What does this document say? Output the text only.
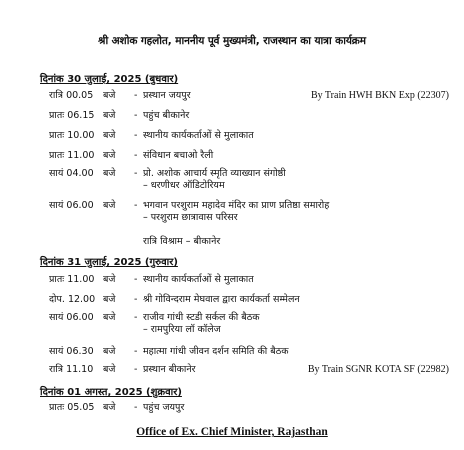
श्री अशोक गहलोत, माननीय पूर्व मुख्यमंत्री, राजस्थान का यात्रा कार्यक्रम
दिनांक 30 जुलाई, 2025 (बुधवार)
रात्रि 00.05 बजे - प्रस्थान जयपुर	By Train HWH BKN Exp (22307)
प्रातः 06.15 बजे - पहुंच बीकानेर
प्रातः 10.00 बजे - स्थानीय कार्यकर्ताओं से मुलाकात
प्रातः 11.00 बजे - संविधान बचाओ रैली
सायं 04.00 बजे - प्रो. अशोक आचार्य स्मृति व्याख्यान संगोष्ठी
– धरणीधर ऑडिटोरियम
सायं 06.00 बजे - भगवान परशुराम महादेव मंदिर का प्राण प्रतिष्ठा समारोह
– परशुराम छात्रावास परिसर
रात्रि विश्राम – बीकानेर
दिनांक 31 जुलाई, 2025 (गुरुवार)
प्रातः 11.00 बजे - स्थानीय कार्यकर्ताओं से मुलाकात
दोप. 12.00 बजे - श्री गोविन्दराम मेघवाल द्वारा कार्यकर्ता सम्मेलन
सायं 06.00 बजे - राजीव गांधी स्टडी सर्कल की बैठक
– रामपुरिया लॉ कॉलेज
सायं 06.30 बजे - महात्मा गांधी जीवन दर्शन समिति की बैठक
रात्रि 11.10 बजे - प्रस्थान बीकानेर	By Train SGNR KOTA SF (22982)
दिनांक 01 अगस्त, 2025 (शुक्रवार)
प्रातः 05.05 बजे - पहुंच जयपुर
Office of Ex. Chief Minister, Rajasthan
